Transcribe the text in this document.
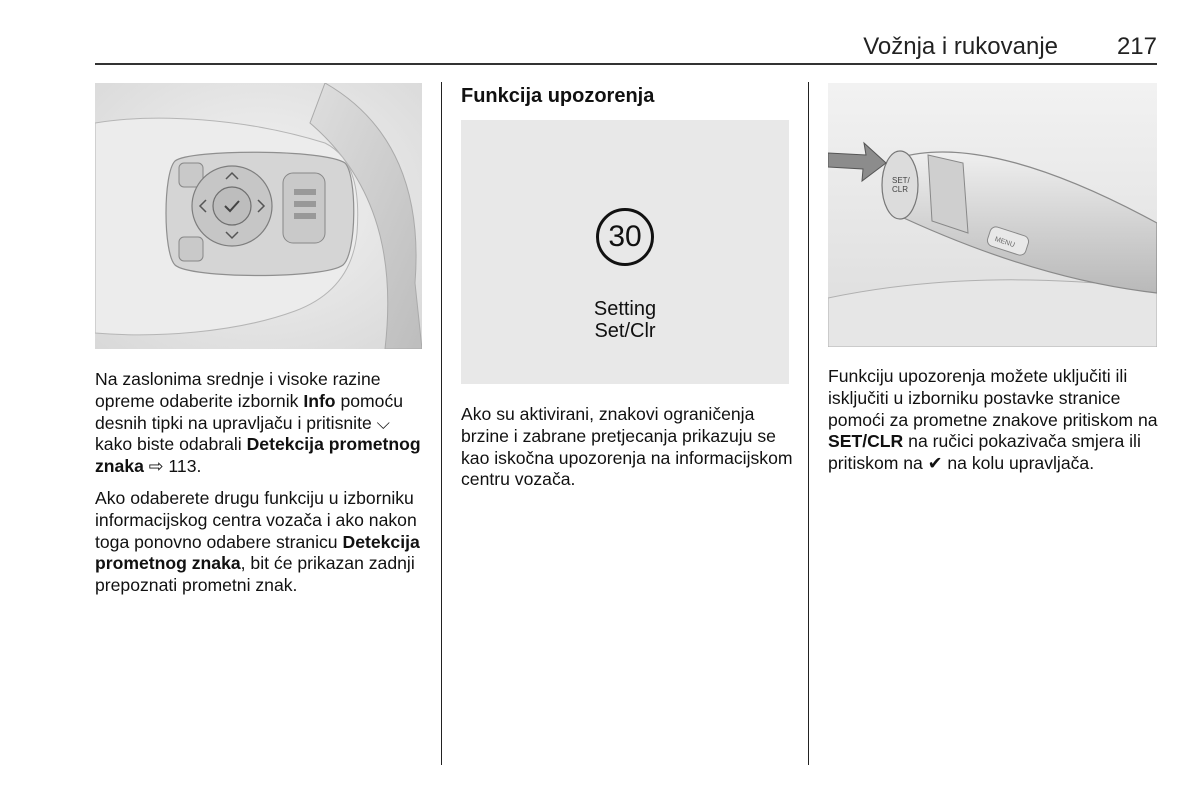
Vožnja i rukovanje 217

Na zaslonima srednje i visoke razine opreme odaberite izbornik Info pomoću desnih tipki na upravljaču i pritisnite ⌵ kako biste odabrali Detekcija prometnog znaka ⇨ 113.

Ako odaberete drugu funkciju u izborniku informacijskog centra vozača i ako nakon toga ponovno odabere stranicu Detekcija prometnog znaka, bit će prikazan zadnji prepoznati prometni znak.

Funkcija upozorenja
30
Setting
Set/Clr

Ako su aktivirani, znakovi ograničenja brzine i zabrane pretjecanja prikazuju se kao iskočna upozorenja na informacijskom centru vozača.

SET/
CLR
MENU

Funkciju upozorenja možete uključiti ili isključiti u izborniku postavke stranice pomoći za prometne znakove pritiskom na SET/CLR na ručici pokazivača smjera ili pritiskom na ✔ na kolu upravljača.
